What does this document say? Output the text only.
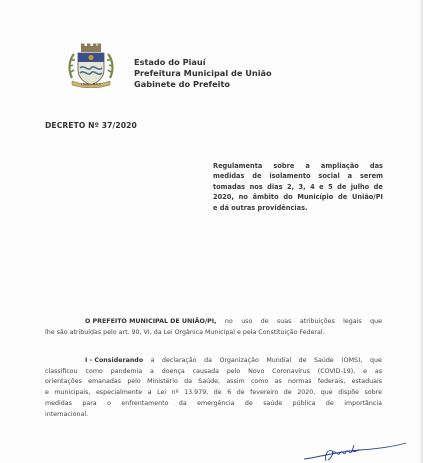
UNIÃO PIAUÍ
Estado do Piauí
Prefeitura Municipal de União
Gabinete do Prefeito
DECRETO Nº 37/2020
Regulamenta sobre a ampliação das
medidas de isolamento social a serem
tomadas nos dias 2, 3, 4 e 5 de julho de
2020, no âmbito do Município de União/PI
e dá outras providências.
O PREFEITO MUNICIPAL DE UNIÃO/PI, no uso de suas atribuições legais que
lhe são atribuídas pelo art. 90, VI, da Lei Orgânica Municipal e pela Constituição Federal.
I - Considerando a declaração da Organização Mundial de Saúde (OMS), que
classificou como pandemia a doença causada pelo Novo Coronavírus (COVID-19), e as
orientações emanadas pelo Ministério da Saúde, assim como as normas federais, estaduais
e municipais, especialmente a Lei nº 13.979, de 6 de fevereiro de 2020, que dispõe sobre
medidas para o enfrentamento da emergência de saúde pública de importância
internacional.
